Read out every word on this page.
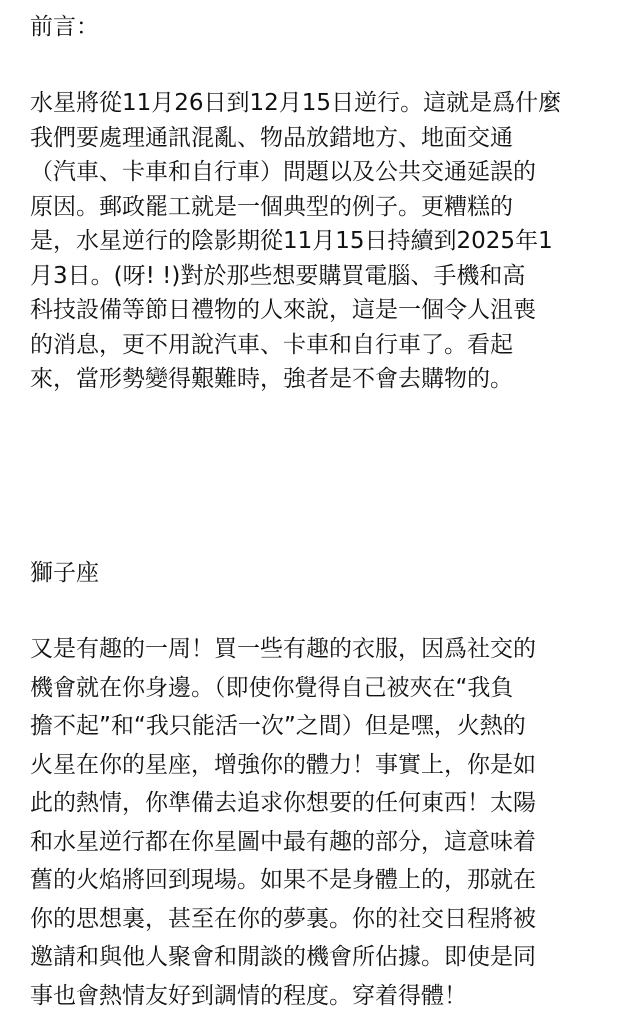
前言：
水星將從11月26日到12月15日逆行。這就是爲什麼
我們要處理通訊混亂、物品放錯地方、地面交通
（汽車、卡車和自行車）問題以及公共交通延誤的
原因。郵政罷工就是一個典型的例子。更糟糕的
是，水星逆行的陰影期從11月15日持續到2025年1
月3日。(呀! !)對於那些想要購買電腦、手機和高
科技設備等節日禮物的人來說，這是一個令人沮喪
的消息，更不用說汽車、卡車和自行車了。看起
來，當形勢變得艱難時，強者是不會去購物的。
獅子座
又是有趣的一周！買一些有趣的衣服，因爲社交的
機會就在你身邊。（即使你覺得自己被夾在“我負
擔不起”和“我只能活一次”之間）但是嘿，火熱的
火星在你的星座，增強你的體力！事實上，你是如
此的熱情，你準備去追求你想要的任何東西！太陽
和水星逆行都在你星圖中最有趣的部分，這意味着
舊的火焰將回到現場。如果不是身體上的，那就在
你的思想裏，甚至在你的夢裏。你的社交日程將被
邀請和與他人聚會和閒談的機會所佔據。即使是同
事也會熱情友好到調情的程度。穿着得體！
